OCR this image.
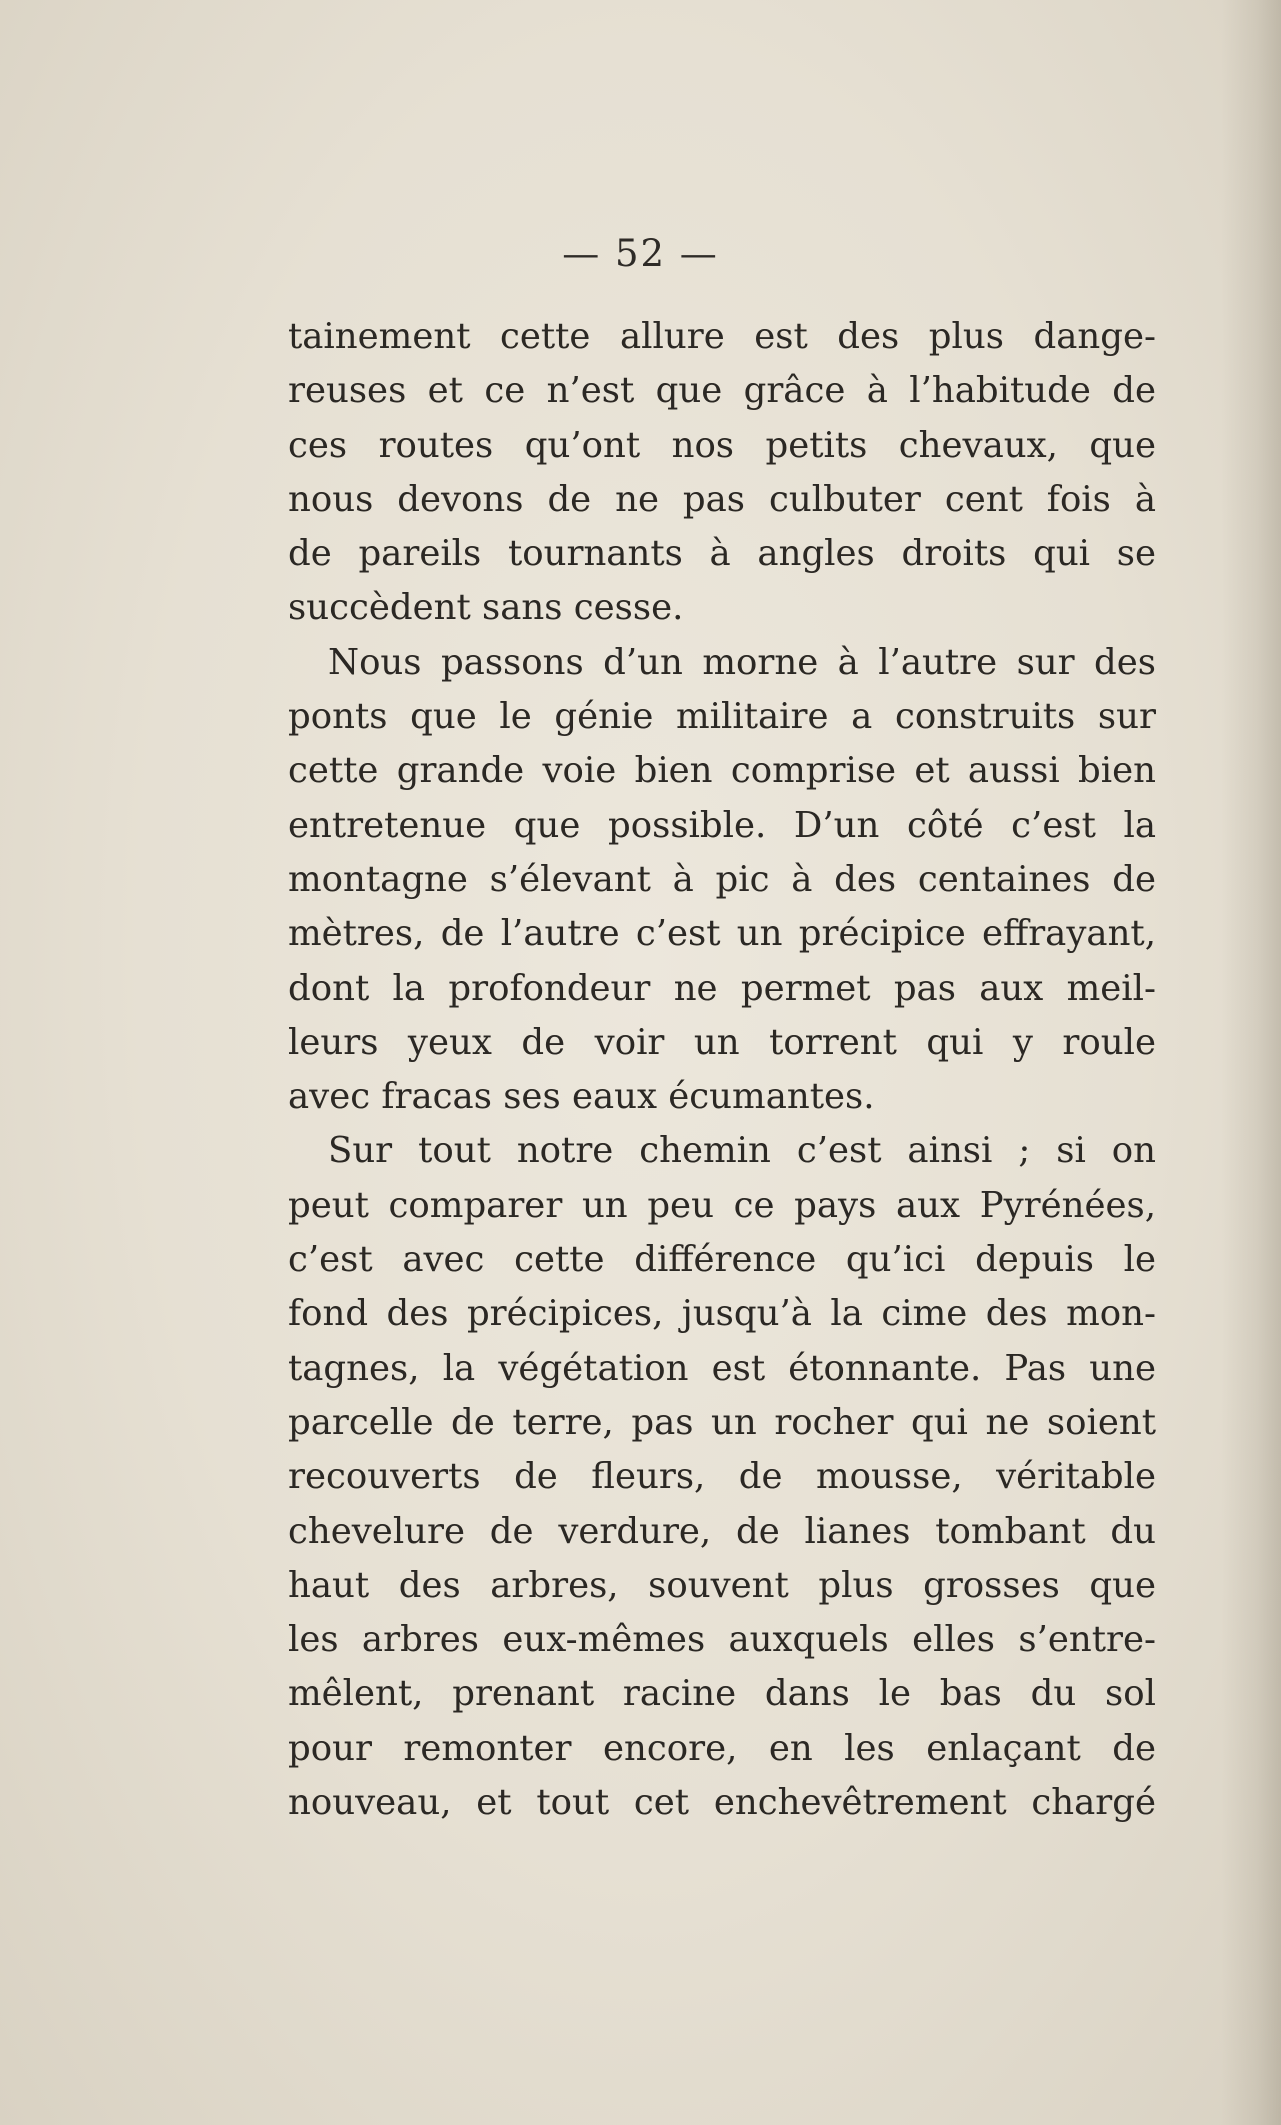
— 52 —
tainement cette allure est des plus dange-
reuses et ce n’est que grâce à l’habitude de
ces routes qu’ont nos petits chevaux, que
nous devons de ne pas culbuter cent fois à
de pareils tournants à angles droits qui se
succèdent sans cesse.
Nous passons d’un morne à l’autre sur des
ponts que le génie militaire a construits sur
cette grande voie bien comprise et aussi bien
entretenue que possible. D’un côté c’est la
montagne s’élevant à pic à des centaines de
mètres, de l’autre c’est un précipice effrayant,
dont la profondeur ne permet pas aux meil-
leurs yeux de voir un torrent qui y roule
avec fracas ses eaux écumantes.
Sur tout notre chemin c’est ainsi ; si on
peut comparer un peu ce pays aux Pyrénées,
c’est avec cette différence qu’ici depuis le
fond des précipices, jusqu’à la cime des mon-
tagnes, la végétation est étonnante. Pas une
parcelle de terre, pas un rocher qui ne soient
recouverts de fleurs, de mousse, véritable
chevelure de verdure, de lianes tombant du
haut des arbres, souvent plus grosses que
les arbres eux-mêmes auxquels elles s’entre-
mêlent, prenant racine dans le bas du sol
pour remonter encore, en les enlaçant de
nouveau, et tout cet enchevêtrement chargé
